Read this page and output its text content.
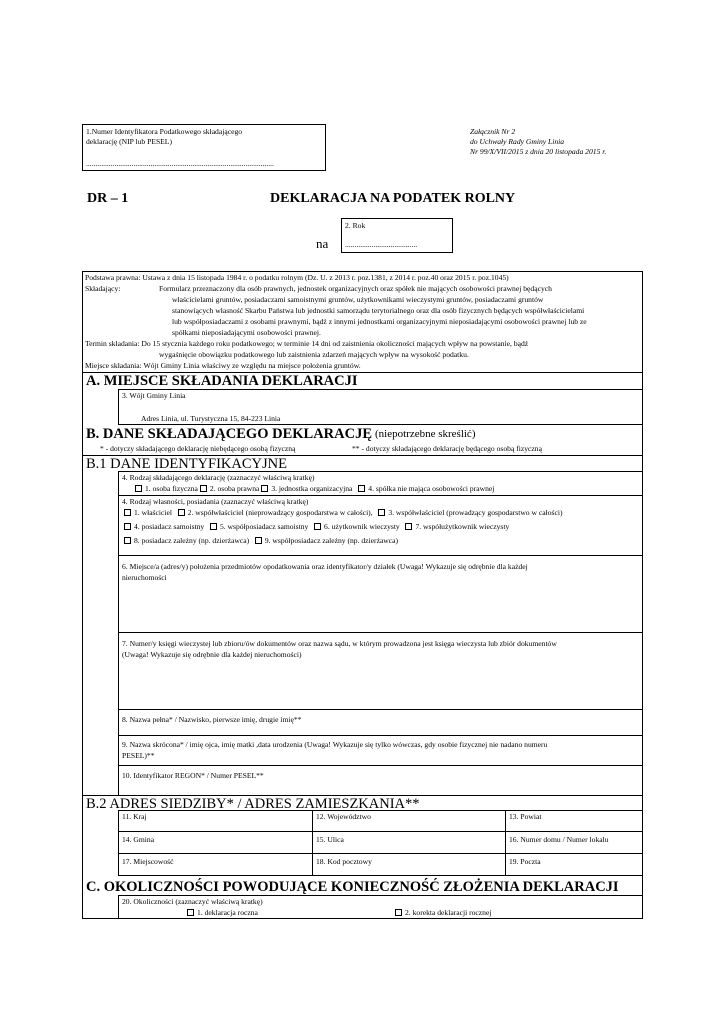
1.Numer Identyfikatora Podatkowego składającego
deklarację (NIP lub PESEL)
...................................................................................................
Załącznik Nr 2
do Uchwały Rady Gminy Linia
Nr 99/X/VII/2015 z dnia 20 listopada 2015 r.
DR – 1	DEKLARACJA NA PODATEK ROLNY
na
2. Rok
......................................
Podstawa prawna: Ustawa z dnia 15 listopada 1984 r. o podatku rolnym (Dz. U. z 2013 r. poz.1381, z 2014 r. poz.40 oraz 2015 r. poz.1045)
Składający:	Formularz przeznaczony dla osób prawnych, jednostek organizacyjnych oraz spółek nie mających osobowości prawnej będących
właścicielami gruntów, posiadaczami samoistnymi gruntów, użytkownikami wieczystymi gruntów, posiadaczami gruntów
stanowiących własność Skarbu Państwa lub jednostki samorządu terytorialnego oraz dla osób fizycznych będących współwłaścicielami
lub współposiadaczami z osobami prawnymi, bądź z innymi jednostkami organizacyjnymi nieposiadającymi osobowości prawnej lub ze
spółkami nieposiadającymi osobowości prawnej.
Termin składania: Do 15 stycznia każdego roku podatkowego; w terminie 14 dni od zaistnienia okoliczności mających wpływ na powstanie, bądź
wygaśnięcie obowiązku podatkowego lub zaistnienia zdarzeń mających wpływ na wysokość podatku.
Miejsce składania: Wójt Gminy Linia właściwy ze względu na miejsce położenia gruntów.
A. MIEJSCE SKŁADANIA DEKLARACJI
3. Wójt Gminy Linia
Adres Linia, ul. Turystyczna 15, 84-223 Linia
B. DANE SKŁADAJĄCEGO DEKLARACJĘ (niepotrzebne skreślić)
* - dotyczy składającego deklarację niebędącego osobą fizyczną	** - dotyczy składającego deklarację będącego osobą fizyczną
B.1 DANE IDENTYFIKACYJNE
4. Rodzaj składającego deklarację (zaznaczyć właściwą kratkę)
1. osoba fizyczna 2. osoba prawna 3. jednostka organizacyjna 4. spółka nie mająca osobowości prawnej
4. Rodzaj własności, posiadania (zaznaczyć właściwą kratkę)
1. właściciel 2. współwłaściciel (nieprowadzący gospodarstwa w całości), 3. współwłaściciel (prowadzący gospodarstwo w całości)
4. posiadacz samoistny 5. współposiadacz samoistny 6. użytkownik wieczysty 7. współużytkownik wieczysty
8. posiadacz zależny (np. dzierżawca) 9. współposiadacz zależny (np. dzierżawca)
6. Miejsce/a (adres/y) położenia przedmiotów opodatkowania oraz identyfikator/y działek (Uwaga! Wykazuje się odrębnie dla każdej
nieruchomości
7. Numer/y księgi wieczystej lub zbioru/ów dokumentów oraz nazwa sądu, w którym prowadzona jest księga wieczysta lub zbiór dokumentów
(Uwaga! Wykazuje się odrębnie dla każdej nieruchomości)
8. Nazwa pełna* / Nazwisko, pierwsze imię, drugie imię**
9. Nazwa skrócona* / imię ojca, imię matki ,data urodzenia (Uwaga! Wykazuje się tylko wówczas, gdy osobie fizycznej nie nadano numeru
PESEL)**
10. Identyfikator REGON* / Numer PESEL**
B.2 ADRES SIEDZIBY* / ADRES ZAMIESZKANIA**
11. Kraj	12. Województwo	13. Powiat
14. Gmina	15. Ulica	16. Numer domu / Numer lokalu
17. Miejscowość	18. Kod pocztowy	19. Poczta
C. OKOLICZNOŚCI POWODUJĄCE KONIECZNOŚĆ ZŁOŻENIA DEKLARACJI
20. Okoliczności (zaznaczyć właściwą kratkę)
1. deklaracja roczna	2. korekta deklaracji rocznej
